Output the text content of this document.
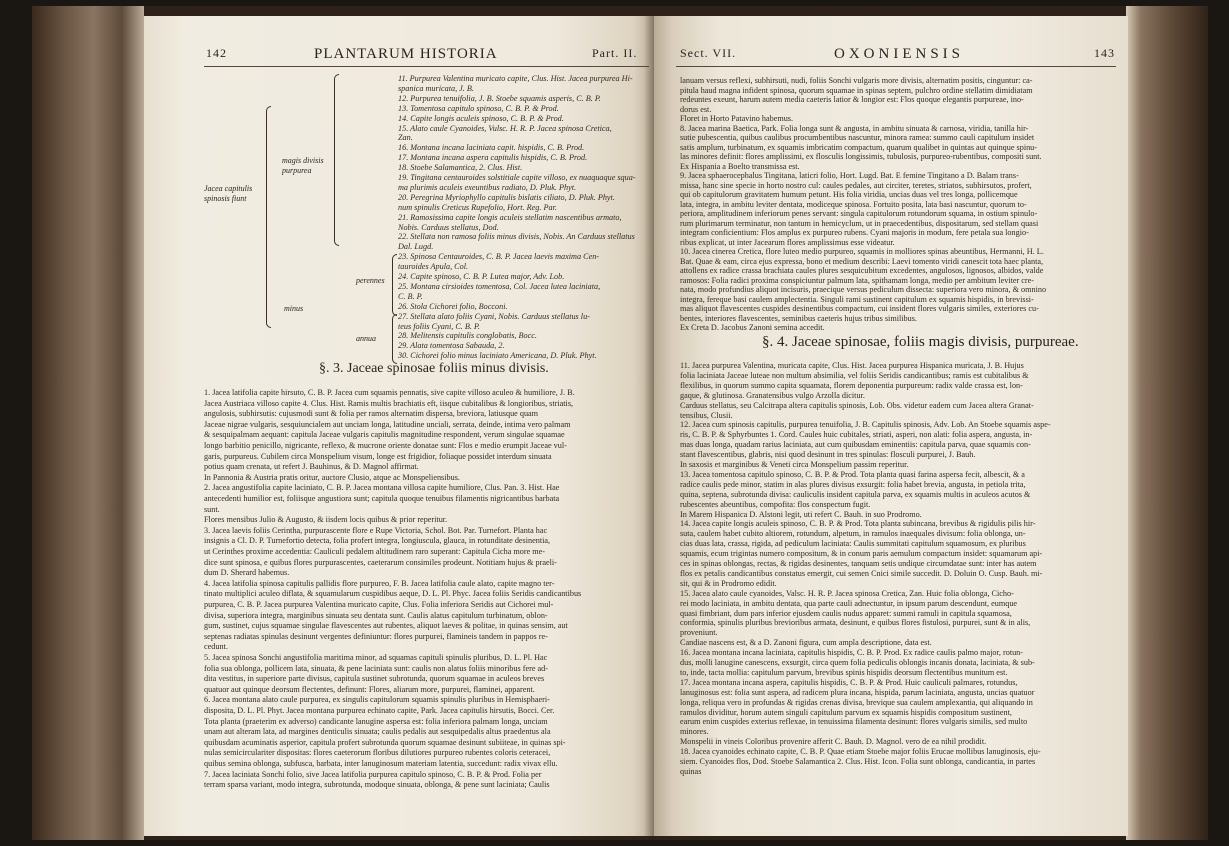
142	PLANTARUM HISTORIA	Part. II.
Jacea capitulis spinosis fiunt
magis divisis purpurea
minus
perennes
annua
11. Purpurea Valentina muricato capite, Clus. Hist. Jacea purpurea Hi-
spanica muricata, J. B.
12. Purpurea tenuifolia, J. B. Stoebe squamis asperis, C. B. P.
13. Tomentosa capitulo spinoso, C. B. P. & Prod.
14. Capite longis aculeis spinoso, C. B. P. & Prod.
15. Alato caule Cyanoides, Vulsc. H. R. P. Jacea spinosa Cretica,
Zan.
16. Montana incana laciniata capit. hispidis, C. B. Prod.
17. Montana incana aspera capitulis hispidis, C. B. Prod.
18. Stoebe Salamantica, 2. Clus. Hist.
19. Tingitana centauroides solstitiale capite villoso, ex nuaquaque squa-
ma plurimis aculeis exeuntibus radiato, D. Pluk. Phyt.
20. Peregrina Myriophyllo capitulis bislatis ciliato, D. Pluk. Phyt.
num spinulis Creticus Rupefolio, Hort. Reg. Par.
21. Ramosissima capite longis aculeis stellatim nascentibus armato,
Nobis. Carduus stellatus, Dod.
22. Stellata non ramosa foliis minus divisis, Nobis. An Carduus stellatus
Dal. Lugd.
23. Spinosa Centauroides, C. B. P. Jacea laevis maxima Cen-
tauroides Apula, Col.
24. Capite spinoso, C. B. P. Lutea major, Adv. Lob.
25. Montana cirsioides tomentosa, Col. Jacea lutea laciniata,
C. B. P.
26. Stola Cichorei folio, Bocconi.
27. Stellata alato foliis Cyani, Nobis. Carduus stellatus lu-
teus foliis Cyani, C. B. P.
28. Melitensis capitulis conglobatis, Bocc.
29. Alata tomentosa Sabauda, 2.
30. Cichorei folio minus laciniato Americana, D. Pluk. Phyt.
§. 3. Jaceae spinosae foliis minus divisis.
1. Jacea latifolia capite hirsuto, C. B. P. Jacea cum squamis pennatis, sive capite villoso aculeo & humiliore, J. B.
Jacea Austriaca villoso capite 4. Clus. Hist. Ramis multis brachiatis eft, iisque cubitalibus & longioribus, striatis,
angulosis, subhirsutis: cujusmodi sunt & folia per ramos alternatim dispersa, breviora, latiusque quam
Jaceae nigrae vulgaris, sesquiuncialem aut unciam longa, latitudine unciali, serrata, deinde, intima vero palmam
& sesquipalmam aequant: capitula Jaceae vulgaris capitulis magnitudine respondent, verum singulae squamae
longo barbitio penicillo, nigricante, reflexo, & mucrone oriente donatae sunt: Flos e medio erumpit Jaceae vul-
garis, purpureus. Cubilem circa Monspelium visum, longe est frigidior, foliaque possidet interdum sinuata
potius quam crenata, ut refert J. Bauhinus, & D. Magnol affirmat.
In Pannonia & Austria pratis oritur, auctore Clusio, atque ac Monspeliensibus.
2. Jacea angustifolia capite laciniato, C. B. P. Jacea montana villosa capite humiliore, Clus. Pan. 3. Hist. Hae
antecedenti humilior est, foliisque angustiora sunt; capitula quoque tenuibus filamentis nigricantibus barbata
sunt.
Flores mensibus Julio & Augusto, & iisdem locis quibus & prior reperitur.
3. Jacea laevis foliis Cerintha, purpurascente flore e Rupe Victoria, Schol. Bot. Par. Turnefort. Planta hac
insignis a Cl. D. P. Turnefortio detecta, folia profert integra, longiuscula, glauca, in rotunditate desinentia,
ut Cerinthes proxime accedentia: Cauliculi pedalem altitudinem raro superant: Capitula Cicha more me-
dice sunt spinosa, e quibus flores purpurascentes, caeterarum consimiles prodeunt. Notitiam hujus & praeli-
dum D. Sherard habemus.
4. Jacea latifolia spinosa capitulis pallidis flore purpureo, F. B. Jacea latifolia caule alato, capite magno ter-
tinato multiplici aculeo diflata, & squamularum cuspidibus aeque, D. L. Pl. Phyc. Jacea foliis Seridis candicantibus
purpurea, C. B. P. Jacea purpurea Valentina muricato capite, Clus. Folia inferiora Seridis aut Cichorei mul-
divisa, superiora integra, marginibus sinuata seu dentata sunt. Caulis alatus capitulum turbinatum, oblon-
gum, sustinet, cujus squamae singulae flavescentes aut rubentes, aliquot laeves & politae, in quinas sensim, aut
septenas radiatas spinulas desinunt vergentes definiuntur: flores purpurei, flamineis tandem in pappos re-
cedunt.
5. Jacea spinosa Sonchi angustifolia maritima minor, ad squamas capituli spinulis pluribus, D. L. Pl. Hac
folia sua oblonga, pollicem lata, sinuata, & pene laciniata sunt: caulis non alatus foliis minoribus fere ad-
dita vestitus, in superiore parte divisus, capitula sustinet subrotunda, quorum squamae in aculeos breves
quatuor aut quinque deorsum flectentes, definunt: Flores, aliarum more, purpurei, flaminei, apparent.
6. Jacea montana alato caule purpurea, ex singulis capitulorum squamis spinulis pluribus in Hemisphaeri-
disposita, D. L. Pl. Phyt. Jacea montana purpurea echinato capite, Park. Jacea capitulis hirsutis, Bocci. Cer.
Tota planta (praeterim ex adverso) candicante lanugine aspersa est: folia inferiora palmam longa, unciam
unam aut alteram lata, ad margines denticulis sinuata; caulis pedalis aut sesquipedalis altus praedentus ala
quibusdam acuminatis asperior, capitula profert subrotunda quorum squamae desinunt subiiteae, in quinas spi-
nulas semicirculariter dispositas: flores caeterorum floribus dilutiores purpureo rubentes coloris ceteracei,
quibus semina oblonga, subfusca, barbata, inter lanuginosum materiam latentia, succedunt: radix vivax ellu.
7. Jacea laciniata Sonchi folio, sive Jacea latifolia purpurea capitulo spinoso, C. B. P. & Prod. Folia per
terram sparsa variant, modo integra, subrotunda, modoque sinuata, oblonga, & pene sunt laciniata; Caulis
Sect. VII.	OXONIENSIS	143
lanuam versus reflexi, subhirsuti, nudi, foliis Sonchi vulgaris more divisis, alternatim positis, cinguntur: ca-
pitula haud magna infident spinosa, quorum squamae in spinas septem, pulchro ordine stellatim dimidiatam
redeuntes exeunt, harum autem media caeteris latior & longior est: Flos quoque elegantis purpureae, ino-
dorus est.
Floret in Horto Patavino habemus.
8. Jacea marina Baetica, Park. Folia longa sunt & angusta, in ambitu sinuata & carnosa, viridia, tanilla hir-
sutie pubescentia, quibus caulibus procumbentibus nascuntur, minora ramea: summo cauli capitulum insidet
satis amplum, turbinatum, ex squamis imbricatim compactum, quarum qualibet in quintas aut quinque spinu-
las minores definit: flores amplissimi, ex flosculis longissimis, tubulosis, purpureo-rubentibus, compositi sunt.
Ex Hispania a Boelto transmissa est.
9. Jacea sphaerocephalus Tingitana, laticri folio, Hort. Lugd. Bat. E femine Tingitano a D. Balam trans-
missa, hanc sine specie in horto nostro cul: caules pedales, aut circiter, teretes, striatos, subhirsutos, profert,
qui ob capitulorum gravitatem humum petunt. His folia viridia, uncias duas vel tres longa, pollicemque
lata, integra, in ambitu leviter dentata, modiceque spinosa. Fortuito posita, lata basi nascuntur, quorum to-
periora, amplitudinem inferiorum penes servant: singula capitulorum rotundorum squama, in ostium spinulo-
rum plurimarum terminatur, non tantum in hemicyclum, ut in praecedentibus, dispositarum, sed stellam quasi
integram conficientium: Flos amplus ex purpureo rubens. Cyani majoris in modum, fere petala sua longio-
ribus explicat, ut inter Jacearum flores amplissimus esse videatur.
10. Jacea cinerea Cretica, flore luteo medio purpureo, squamis in molliores spinas abeuntibus, Hermanni, H. L.
Bat. Quae & eam, circa ejus expressa, bono et medium describi: Laevi tomento viridi canescit tota haec planta,
attollens ex radice crassa brachiata caules plures sesquicubitum excedentes, angulosos, lignosos, albidos, valde
ramosos: Folia radici proxima conspiciuntur palmum lata, spithamam longa, medio per ambitum leviter cre-
nata, modo profundius aliquot incisuris, praecique versus pediculum dissecta: superiora vero minora, & omnino
integra, fereque basi caulem amplectentia. Singuli rami sustinent capitulum ex squamis hispidis, in brevissi-
mas aliquot flavescentes cuspides desinentibus compactum, cui insident flores vulgaris similes, exteriores cu-
bentes, interiores flavescentes, seminibus caeteris hujus tribus similibus.
Ex Creta D. Jacobus Zanoni semina accedit.
§. 4. Jaceae spinosae, foliis magis divisis, purpureae.
11. Jacea purpurea Valentina, muricata capite, Clus. Hist. Jacea purpurea Hispanica muricata, J. B. Hujus
folia laciniata Jaceae luteae non multum absimilia, vel foliis Seridis candicantibus; ramis est cubitalibus &
flexilibus, in quorum summo capita squamata, florem deponentia purpureum: radix valde crassa est, lon-
gaque, & glutinosa. Granatensibus vulgo Arzolla dicitur.
Carduus stellatus, seu Calcitrapa altera capitulis spinosis, Lob. Obs. videtur eadem cum Jacea altera Granat-
tensibus, Clusii.
12. Jacea cum spinosis capitulis, purpurea tenuifolia, J. B. Capitulis spinosis, Adv. Lob. An Stoebe squamis aspe-
ris, C. B. P. & Sphyrbuntes 1. Cord. Caules huic cubitales, striati, asperi, non alati: folia aspera, angusta, in-
mas duas longa, quadam rarius laciniata, aut cum quibusdam eminentiis: capitula parva, quae squamis con-
stant flavescentibus, glabris, nisi quod desinunt in tres spinulas: flosculi purpurei, J. Bauh.
In saxosis et marginibus & Veneti circa Monspelium passim reperitur.
13. Jacea tomentosa capitulo spinoso, C. B. P. & Prod. Tota planta quasi farina aspersa fecit, albescit, & a
radice caulis pede minor, statim in alas plures divisus exsurgit: folia habet brevia, angusta, in petiola trita,
quina, septena, subrotunda divisa: cauliculis insident capitula parva, ex squamis multis in aculeos acutos &
rubescentes abeuntibus, compofita: flos conspectum fugit.
In Marem Hispanica D. Alstoni legit, uti refert C. Bauh. in suo Prodromo.
14. Jacea capite longis aculeis spinoso, C. B. P. & Prod. Tota planta subincana, brevibus & rigidulis pilis hir-
suta, caulem habet cubito altiorem, rotundum, alpetum, in ramulos inaequales divisum: folia oblonga, un-
cias duas lata, crassa, rigida, ad pediculum laciniata: Caulis summitati capitulum squamosum, ex pluribus
squamis, ecum trigintas numero compositum, & in conum paris aemulum compactum insidet: squamarum api-
ces in spinas oblongas, rectas, & rigidas desinentes, tanquam setis undique circumdatae sunt: inter has autem
flos ex petalis candicantibus constatus emergit, cui semen Cnici simile succedit. D. Doluin O. Cusp. Bauh. mi-
sit, qui & in Prodromo edidit.
15. Jacea alato caule cyanoides, Valsc. H. R. P. Jacea spinosa Cretica, Zan. Huic folia oblonga, Cicho-
rei modo laciniata, in ambitu dentata, qua parte cauli adnectuntur, in ipsum parum descendunt, eumque
quasi fimbriant, dum pars inferior ejusdem caulis nudus apparet: summi ramuli in capitula squamosa,
conformia, spinulis pluribus brevioribus armata, desinunt, e quibus flores fistulosi, purpurei, sunt & in alis,
proveniunt.
Candiae nascens est, & a D. Zanoni figura, cum ampla descriptione, data est.
16. Jacea montana incana laciniata, capitulis hispidis, C. B. P. Prod. Ex radice caulis palmo major, rotun-
dus, molli lanugine canescens, exsurgit, circa quem folia pediculis oblongis incanis donata, laciniata, & sub-
to, inde, tacta mollia: capitulum parvum, brevibus spinis hispidis deorsum flectentibus munitum est.
17. Jacea montana incana aspera, capitulis hispidis, C. B. P. & Prod. Huic cauliculi palmares, rotundus,
lanuginosus est: folia sunt aspera, ad radicem plura incana, hispida, parum laciniata, angusta, uncias quatuor
longa, reliqua vero in profundas & rigidas crenas divisa, brevique sua caulem amplexantia, qui aliquando in
ramulos dividitur, horum autem singuli capitulum parvum ex squamis hispidis compositum sustinent,
earum enim cuspides exterius reflexae, in tenuissima filamenta desinunt: flores vulgaris similis, sed multo
minores.
Monspelii in vineis Coloribus provenire afferit C. Bauh. D. Magnol. vero de ea nihil prodidit.
18. Jacea cyanoides echinato capite, C. B. P. Quae etiam Stoebe major foliis Erucae mollibus lanuginosis, eju-
siem. Cyanoides flos, Dod. Stoebe Salamantica 2. Clus. Hist. Icon. Folia sunt oblonga, candicantia, in partes
quinas
